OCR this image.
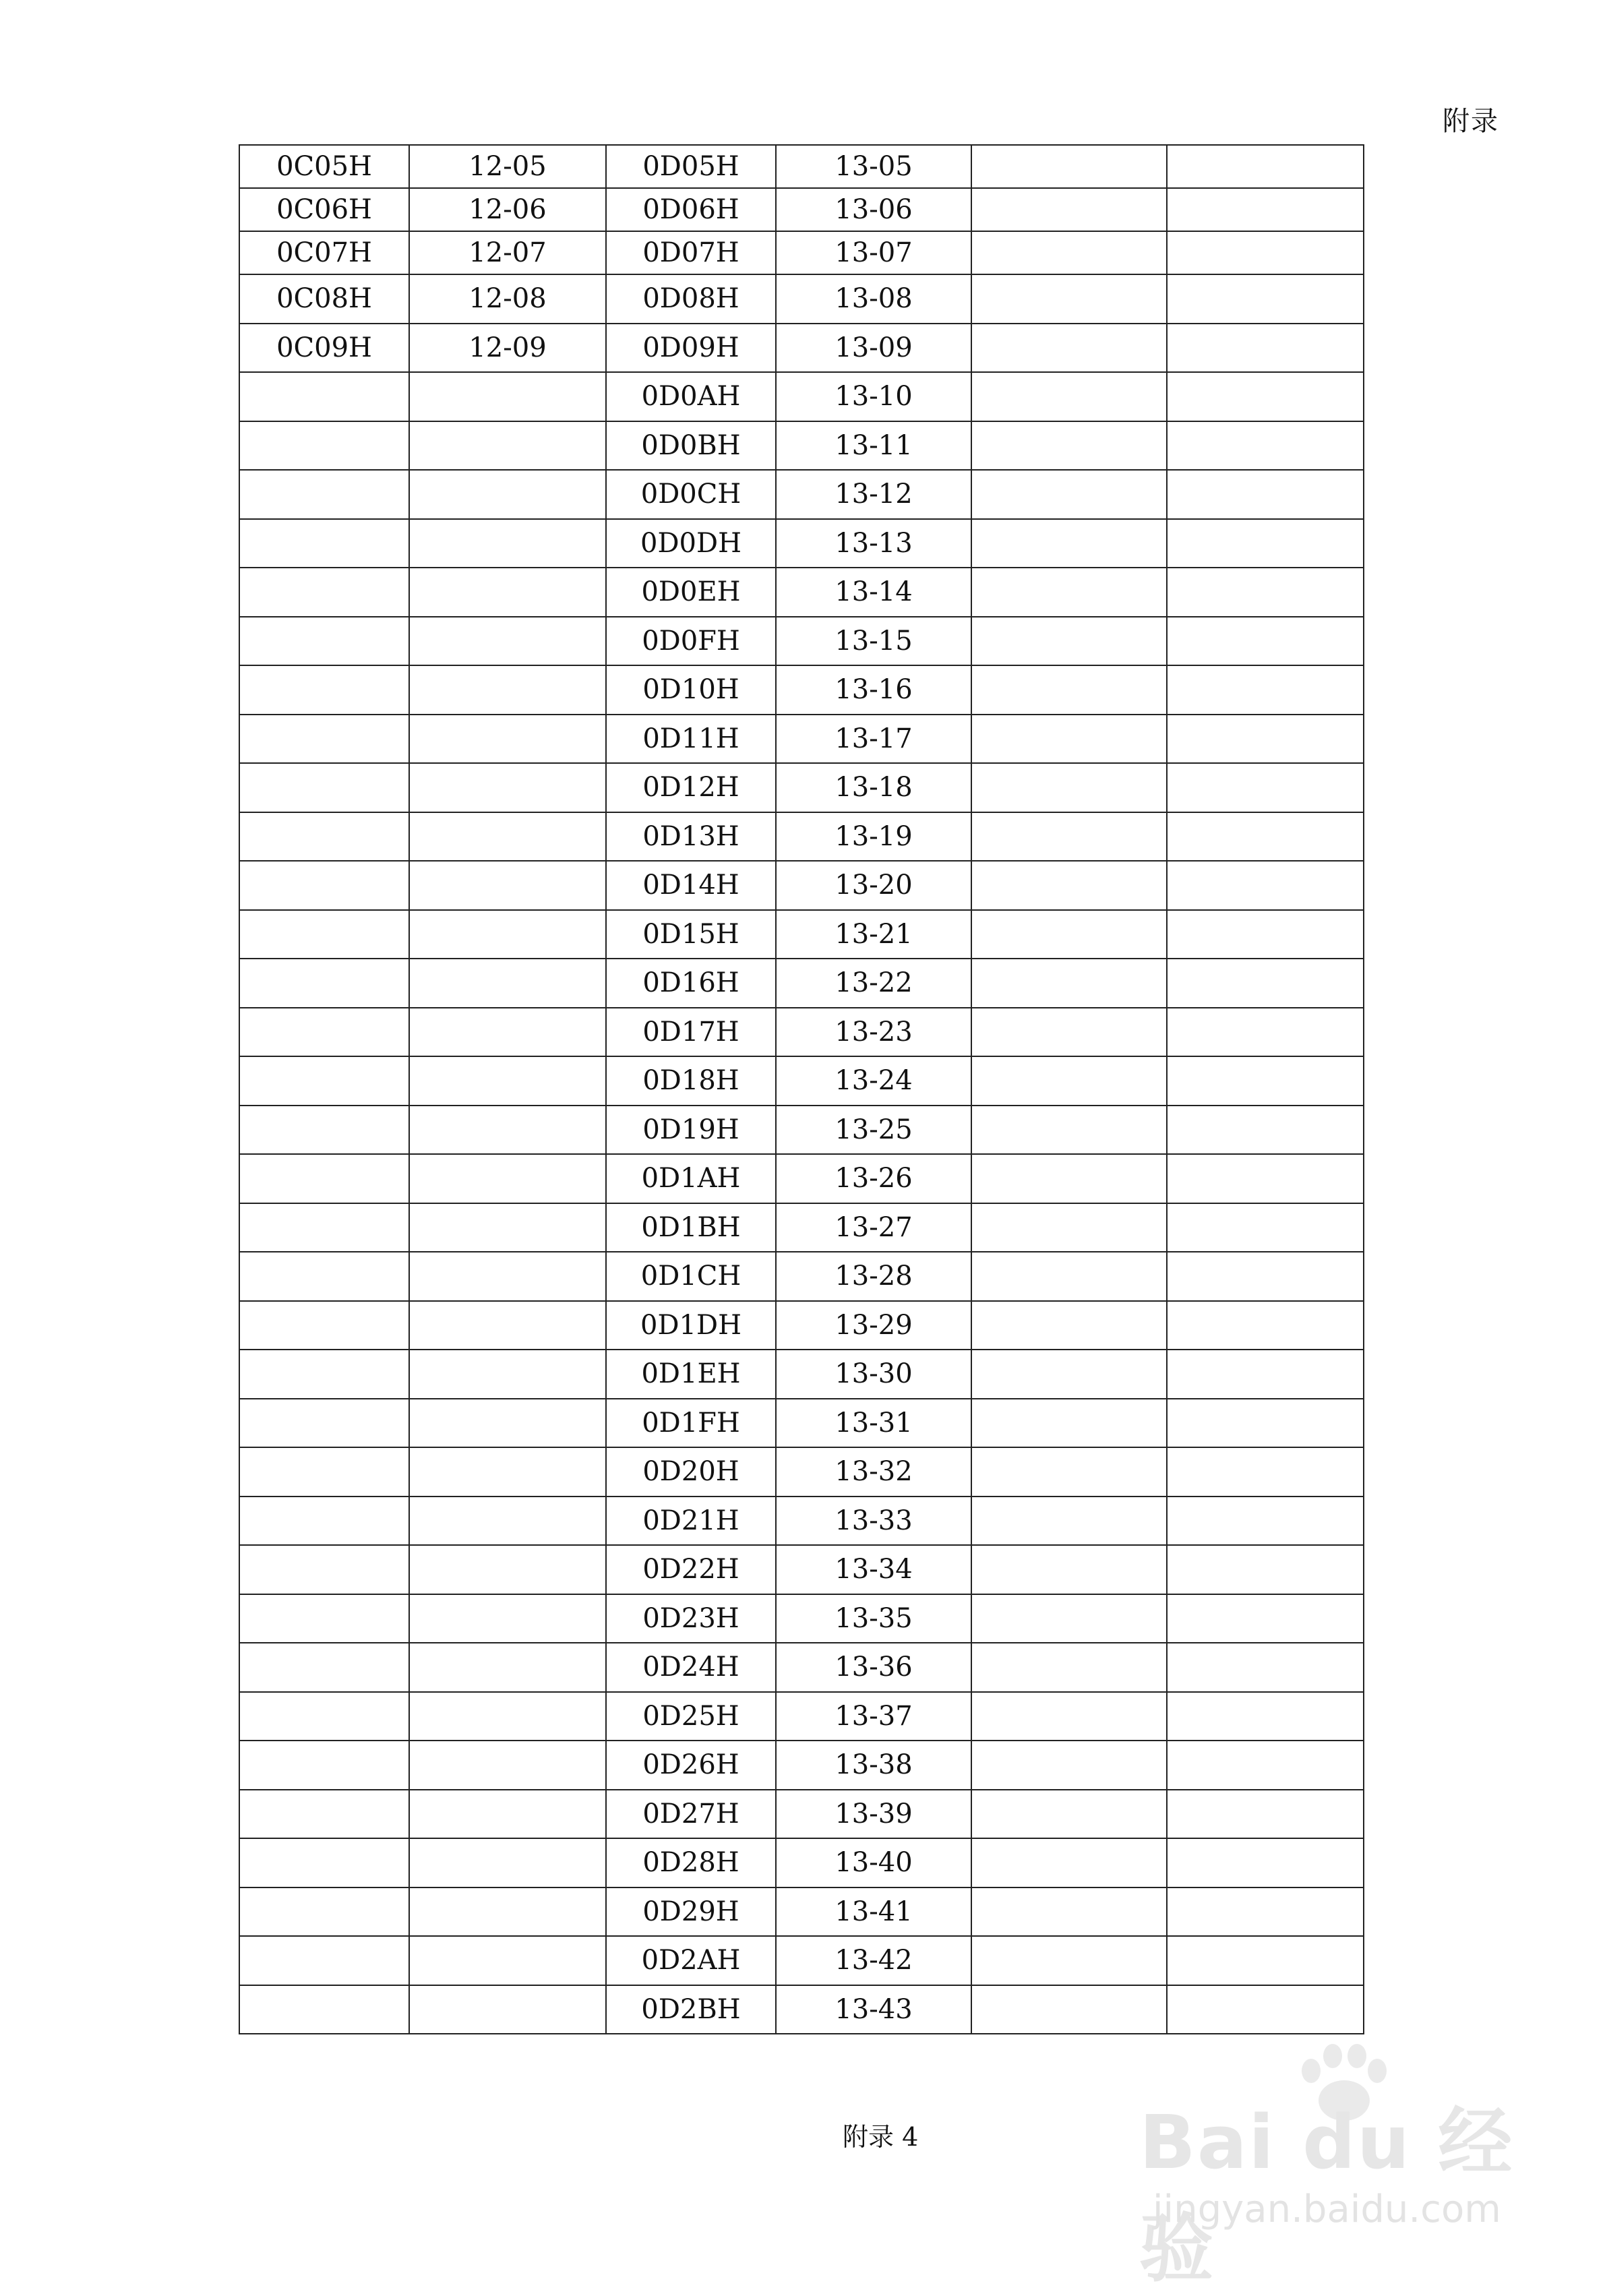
附录
0C05H	12-05	0D05H	13-05		
0C06H	12-06	0D06H	13-06		
0C07H	12-07	0D07H	13-07		
0C08H	12-08	0D08H	13-08		
0C09H	12-09	0D09H	13-09		
		0D0AH	13-10		
		0D0BH	13-11		
		0D0CH	13-12		
		0D0DH	13-13		
		0D0EH	13-14		
		0D0FH	13-15		
		0D10H	13-16		
		0D11H	13-17		
		0D12H	13-18		
		0D13H	13-19		
		0D14H	13-20		
		0D15H	13-21		
		0D16H	13-22		
		0D17H	13-23		
		0D18H	13-24		
		0D19H	13-25		
		0D1AH	13-26		
		0D1BH	13-27		
		0D1CH	13-28		
		0D1DH	13-29		
		0D1EH	13-30		
		0D1FH	13-31		
		0D20H	13-32		
		0D21H	13-33		
		0D22H	13-34		
		0D23H	13-35		
		0D24H	13-36		
		0D25H	13-37		
		0D26H	13-38		
		0D27H	13-39		
		0D28H	13-40		
		0D29H	13-41		
		0D2AH	13-42		
		0D2BH	13-43		
附录 4	Bai du 经验
jingyan.baidu.com
